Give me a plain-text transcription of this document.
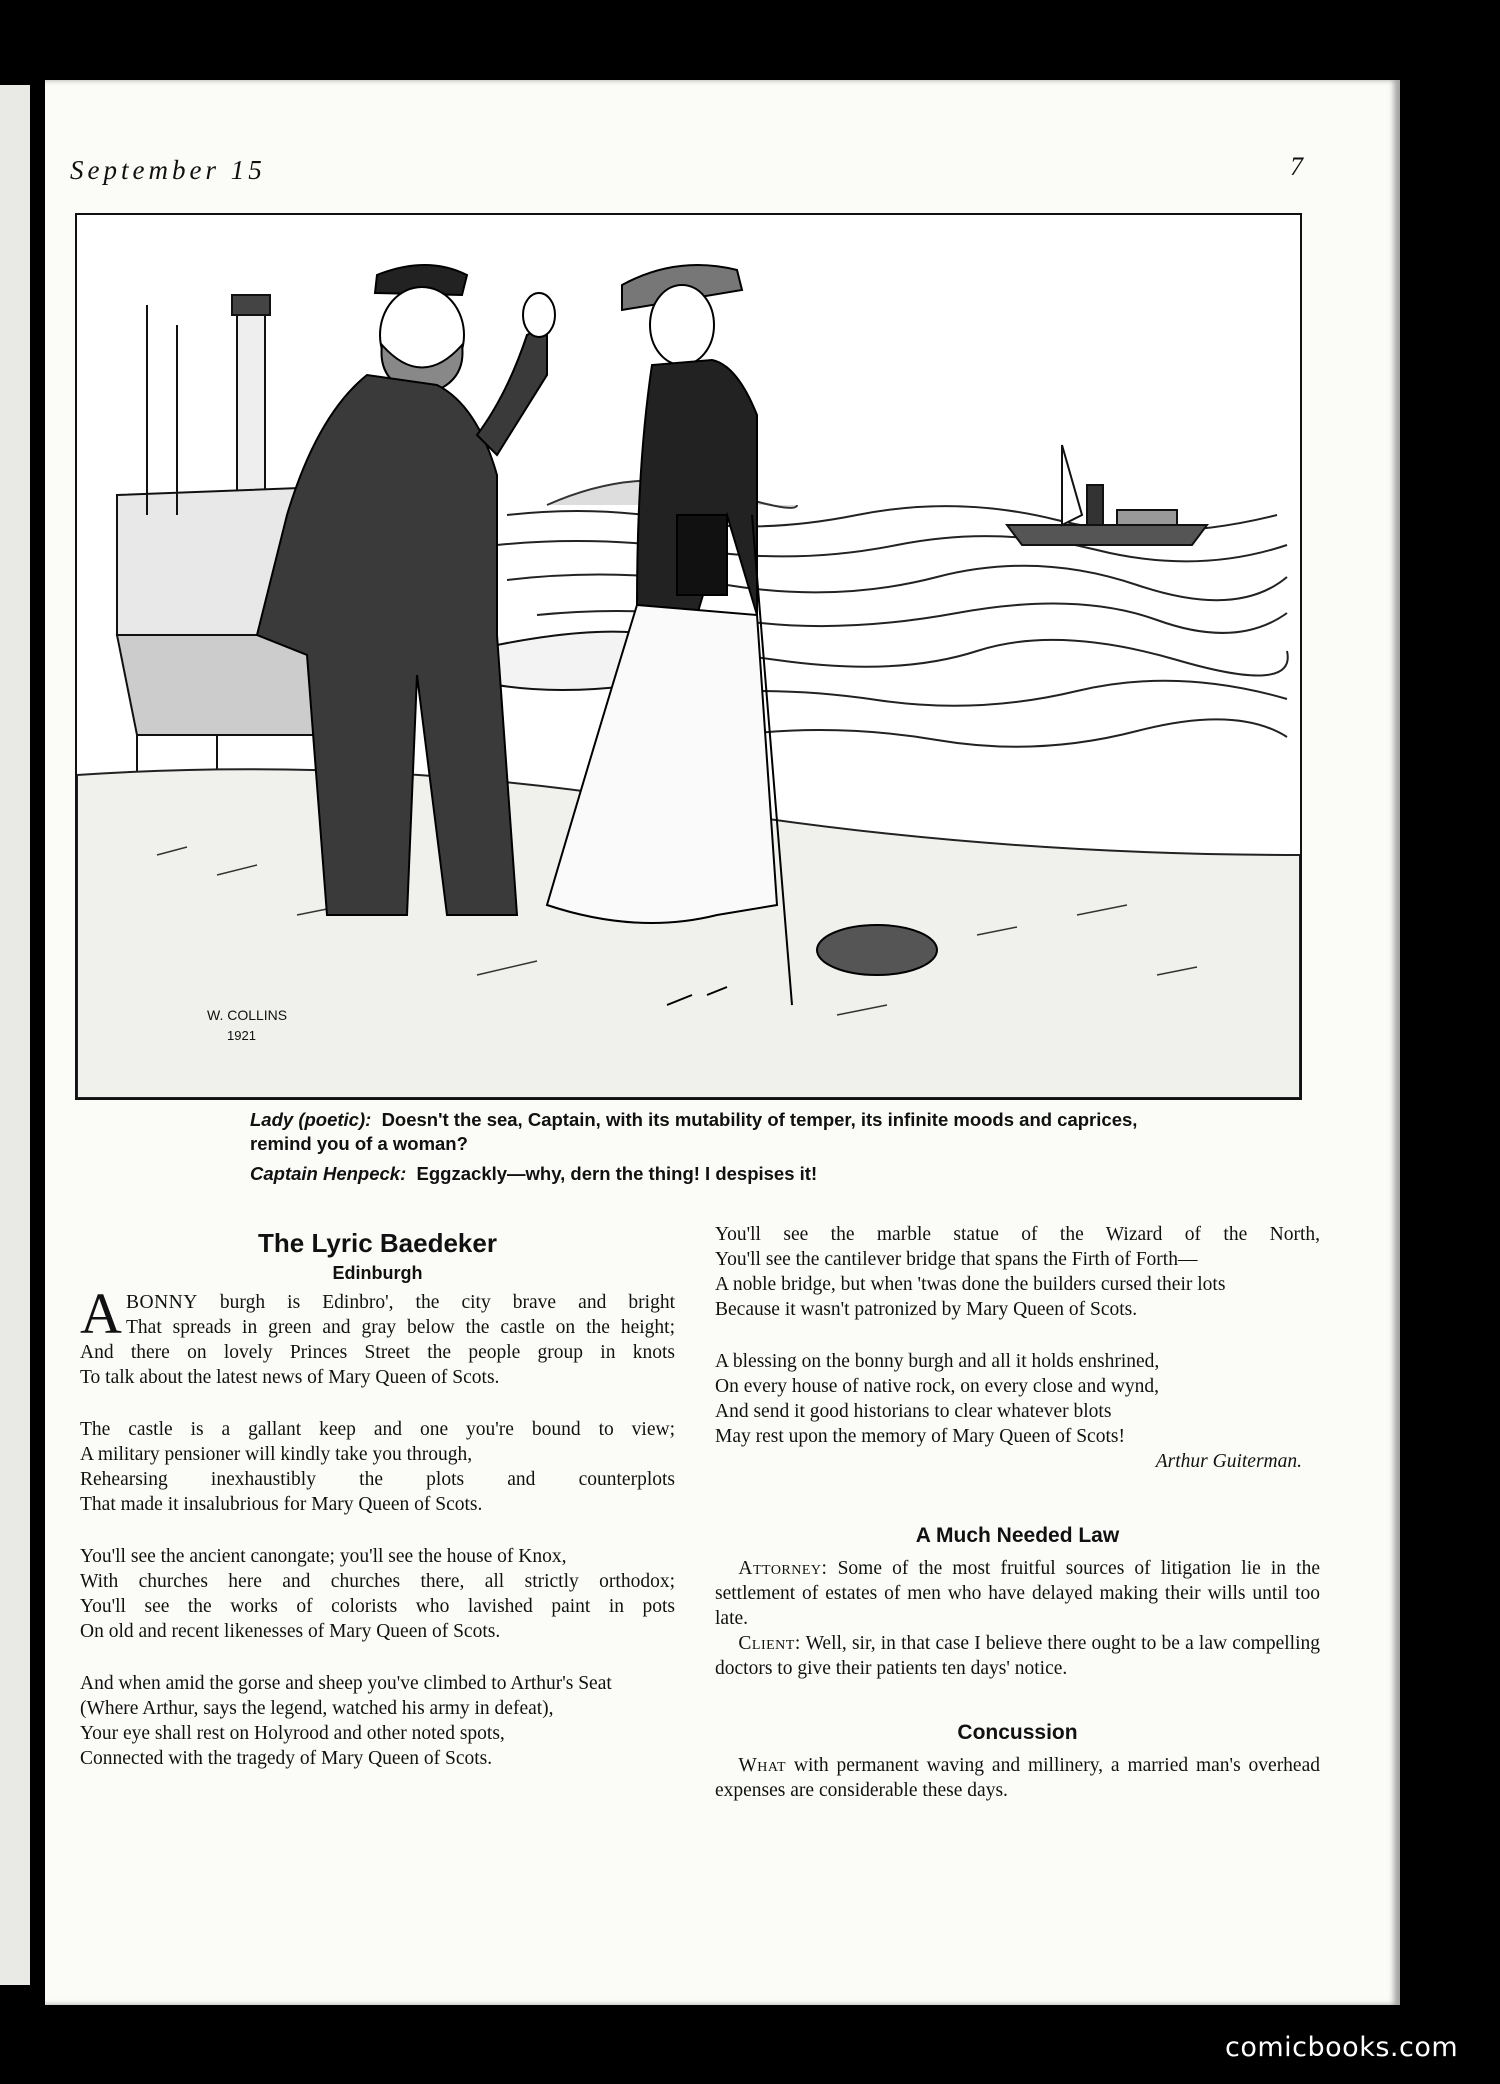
September 15	7
W. COLLINS
1921

Lady (poetic): Doesn't the sea, Captain, with its mutability of temper, its infinite moods and caprices, remind you of a woman?

Captain Henpeck: Eggzackly—why, dern the thing! I despises it!

The Lyric Baedeker
Edinburgh
A BONNY burgh is Edinbro', the city brave and bright
That spreads in green and gray below the castle on the height;
And there on lovely Princes Street the people group in knots
To talk about the latest news of Mary Queen of Scots.
The castle is a gallant keep and one you're bound to view;
A military pensioner will kindly take you through,
Rehearsing inexhaustibly the plots and counterplots
That made it insalubrious for Mary Queen of Scots.
You'll see the ancient canongate; you'll see the house of Knox,
With churches here and churches there, all strictly orthodox;
You'll see the works of colorists who lavished paint in pots
On old and recent likenesses of Mary Queen of Scots.
And when amid the gorse and sheep you've climbed to Arthur's Seat
(Where Arthur, says the legend, watched his army in defeat),
Your eye shall rest on Holyrood and other noted spots,
Connected with the tragedy of Mary Queen of Scots.
You'll see the marble statue of the Wizard of the North,
You'll see the cantilever bridge that spans the Firth of Forth—
A noble bridge, but when 'twas done the builders cursed their lots
Because it wasn't patronized by Mary Queen of Scots.
A blessing on the bonny burgh and all it holds enshrined,
On every house of native rock, on every close and wynd,
And send it good historians to clear whatever blots
May rest upon the memory of Mary Queen of Scots!
Arthur Guiterman.
A Much Needed Law

Attorney: Some of the most fruitful sources of litigation lie in the settlement of estates of men who have delayed making their wills until too late.

Client: Well, sir, in that case I believe there ought to be a law compelling doctors to give their patients ten days' notice.

Concussion

What with permanent waving and millinery, a married man's overhead expenses are considerable these days.

comicbooks.com
